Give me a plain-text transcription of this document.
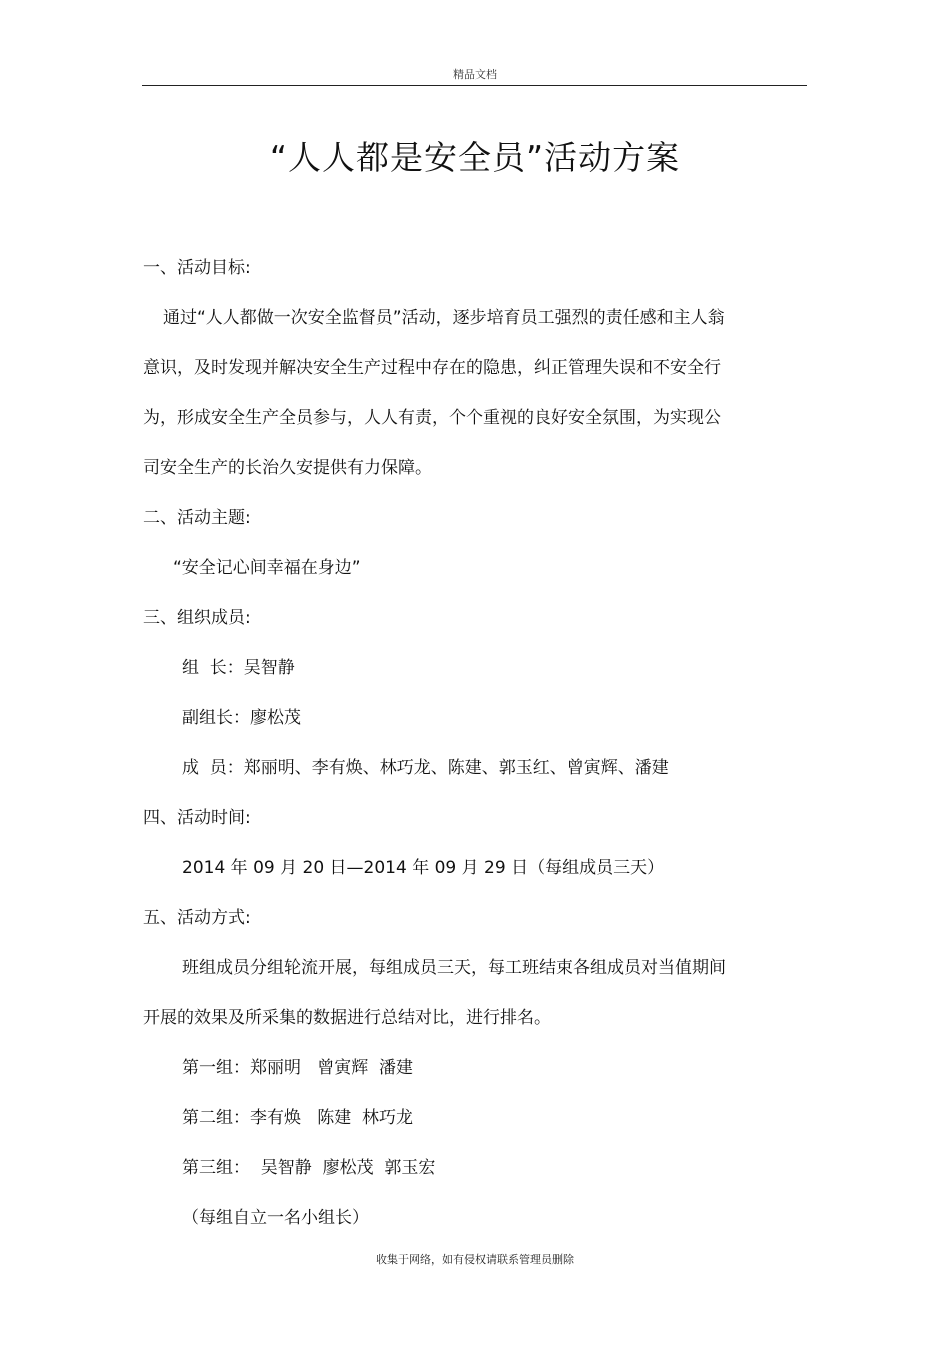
精品文档
“人人都是安全员”活动方案
一、活动目标:
通过“人人都做一次安全监督员”活动，逐步培育员工强烈的责任感和主人翁
意识，及时发现并解决安全生产过程中存在的隐患，纠正管理失误和不安全行
为，形成安全生产全员参与，人人有责，个个重视的良好安全氛围，为实现公
司安全生产的长治久安提供有力保障。
二、活动主题:
“安全记心间幸福在身边”
三、组织成员:
组  长：吴智静
副组长：廖松茂
成  员：郑丽明、李有焕、林巧龙、陈建、郭玉红、曾寅辉、潘建
四、活动时间:
2014 年 09 月 20 日—2014 年 09 月 29 日（每组成员三天）
五、活动方式:
班组成员分组轮流开展，每组成员三天，每工班结束各组成员对当值期间
开展的效果及所采集的数据进行总结对比，进行排名。
第一组：郑丽明   曾寅辉  潘建
第二组：李有焕   陈建  林巧龙
第三组：  吴智静  廖松茂  郭玉宏
（每组自立一名小组长）
收集于网络，如有侵权请联系管理员删除
